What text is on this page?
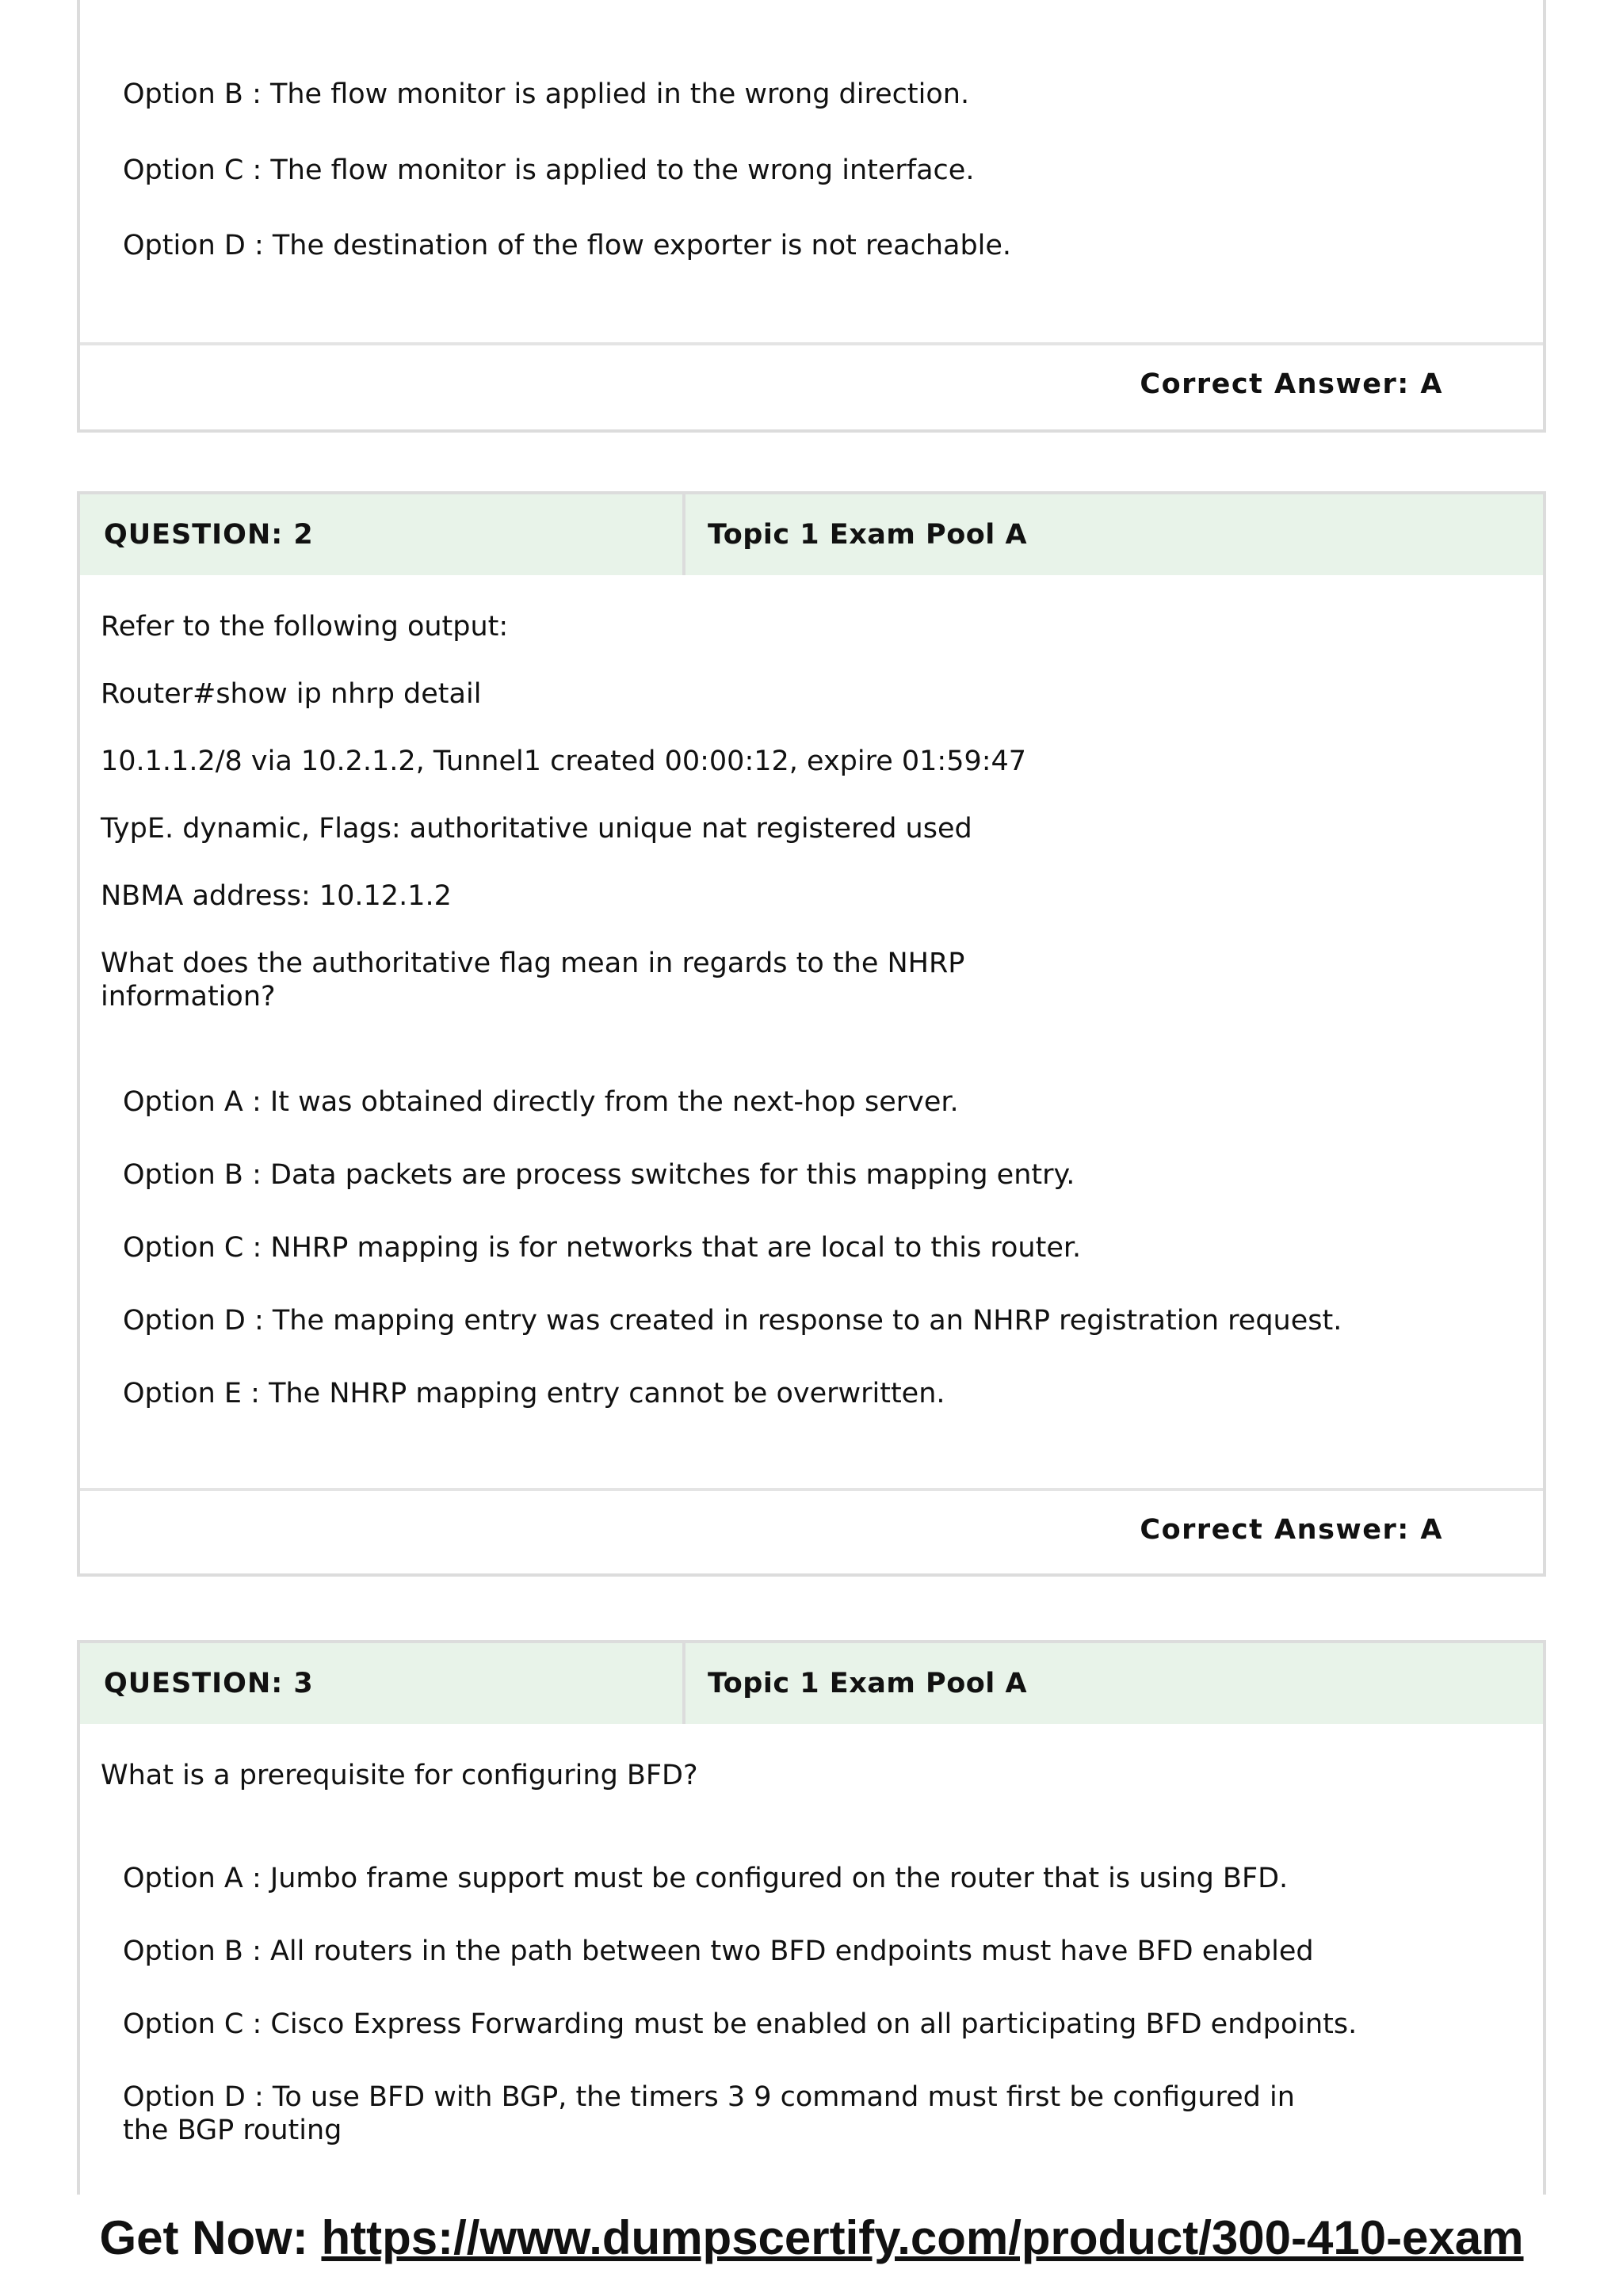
Option B : The flow monitor is applied in the wrong direction.
Option C : The flow monitor is applied to the wrong interface.
Option D : The destination of the flow exporter is not reachable.
Correct Answer: A
QUESTION: 2	Topic 1 Exam Pool A
Refer to the following output:
Router#show ip nhrp detail
10.1.1.2/8 via 10.2.1.2, Tunnel1 created 00:00:12, expire 01:59:47
TypE. dynamic, Flags: authoritative unique nat registered used
NBMA address: 10.12.1.2
What does the authoritative flag mean in regards to the NHRP information?
Option A : It was obtained directly from the next-hop server.
Option B : Data packets are process switches for this mapping entry.
Option C : NHRP mapping is for networks that are local to this router.
Option D : The mapping entry was created in response to an NHRP registration request.
Option E : The NHRP mapping entry cannot be overwritten.
Correct Answer: A
QUESTION: 3	Topic 1 Exam Pool A
What is a prerequisite for configuring BFD?
Option A : Jumbo frame support must be configured on the router that is using BFD.
Option B : All routers in the path between two BFD endpoints must have BFD enabled
Option C : Cisco Express Forwarding must be enabled on all participating BFD endpoints.
Option D : To use BFD with BGP, the timers 3 9 command must first be configured in the BGP routing
Get Now: https://www.dumpscertify.com/product/300-410-exam
